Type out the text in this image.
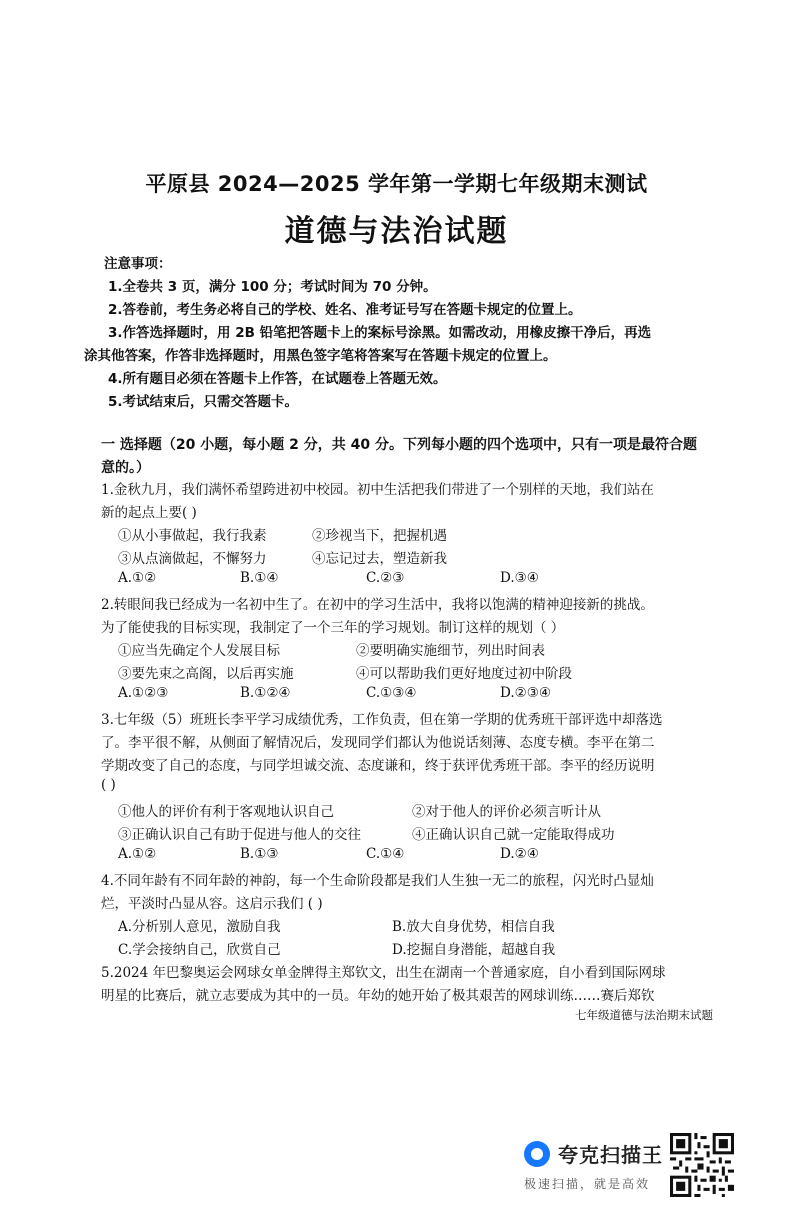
平原县 2024—2025 学年第一学期七年级期末测试
道德与法治试题
注意事项：
1.全卷共 3 页，满分 100 分；考试时间为 70 分钟。
2.答卷前，考生务必将自己的学校、姓名、准考证号写在答题卡规定的位置上。
3.作答选择题时，用 2B 铅笔把答题卡上的案标号涂黑。如需改动，用橡皮擦干净后，再选
涂其他答案，作答非选择题时，用黑色签字笔将答案写在答题卡规定的位置上。
4.所有题目必须在答题卡上作答，在试题卷上答题无效。
5.考试结束后，只需交答题卡。
一 选择题（20 小题，每小题 2 分，共 40 分。下列每小题的四个选项中，只有一项是最符合题
意的。）
1.金秋九月，我们满怀希望跨进初中校园。初中生活把我们带进了一个别样的天地，我们站在
新的起点上要( )
①从小事做起，我行我素	②珍视当下，把握机遇
③从点滴做起，不懈努力	④忘记过去，塑造新我
A.①②	B.①④	C.②③	D.③④
2.转眼间我已经成为一名初中生了。在初中的学习生活中，我将以饱满的精神迎接新的挑战。
为了能使我的目标实现，我制定了一个三年的学习规划。制订这样的规划（ ）
①应当先确定个人发展目标	②要明确实施细节，列出时间表
③要先束之高阁，以后再实施	④可以帮助我们更好地度过初中阶段
A.①②③	B.①②④	C.①③④	D.②③④
3.七年级（5）班班长李平学习成绩优秀，工作负责，但在第一学期的优秀班干部评选中却落选
了。李平很不解，从侧面了解情况后，发现同学们都认为他说话刻薄、态度专横。李平在第二
学期改变了自己的态度，与同学坦诚交流、态度谦和，终于获评优秀班干部。李平的经历说明
( )
①他人的评价有利于客观地认识自己	②对于他人的评价必须言听计从
③正确认识自己有助于促进与他人的交往	④正确认识自己就一定能取得成功
A.①②	B.①③	C.①④	D.②④
4.不同年龄有不同年龄的神韵，每一个生命阶段都是我们人生独一无二的旅程，闪光时凸显灿
烂，平淡时凸显从容。这启示我们 ( )
A.分析别人意见，激励自我	B.放大自身优势，相信自我
C.学会接纳自己，欣赏自己	D.挖掘自身潜能，超越自我
5.2024 年巴黎奥运会网球女单金牌得主郑钦文，出生在湖南一个普通家庭，自小看到国际网球
明星的比赛后，就立志要成为其中的一员。年幼的她开始了极其艰苦的网球训练……赛后郑钦
七年级道德与法治期末试题
夸克扫描王
极速扫描，就是高效
